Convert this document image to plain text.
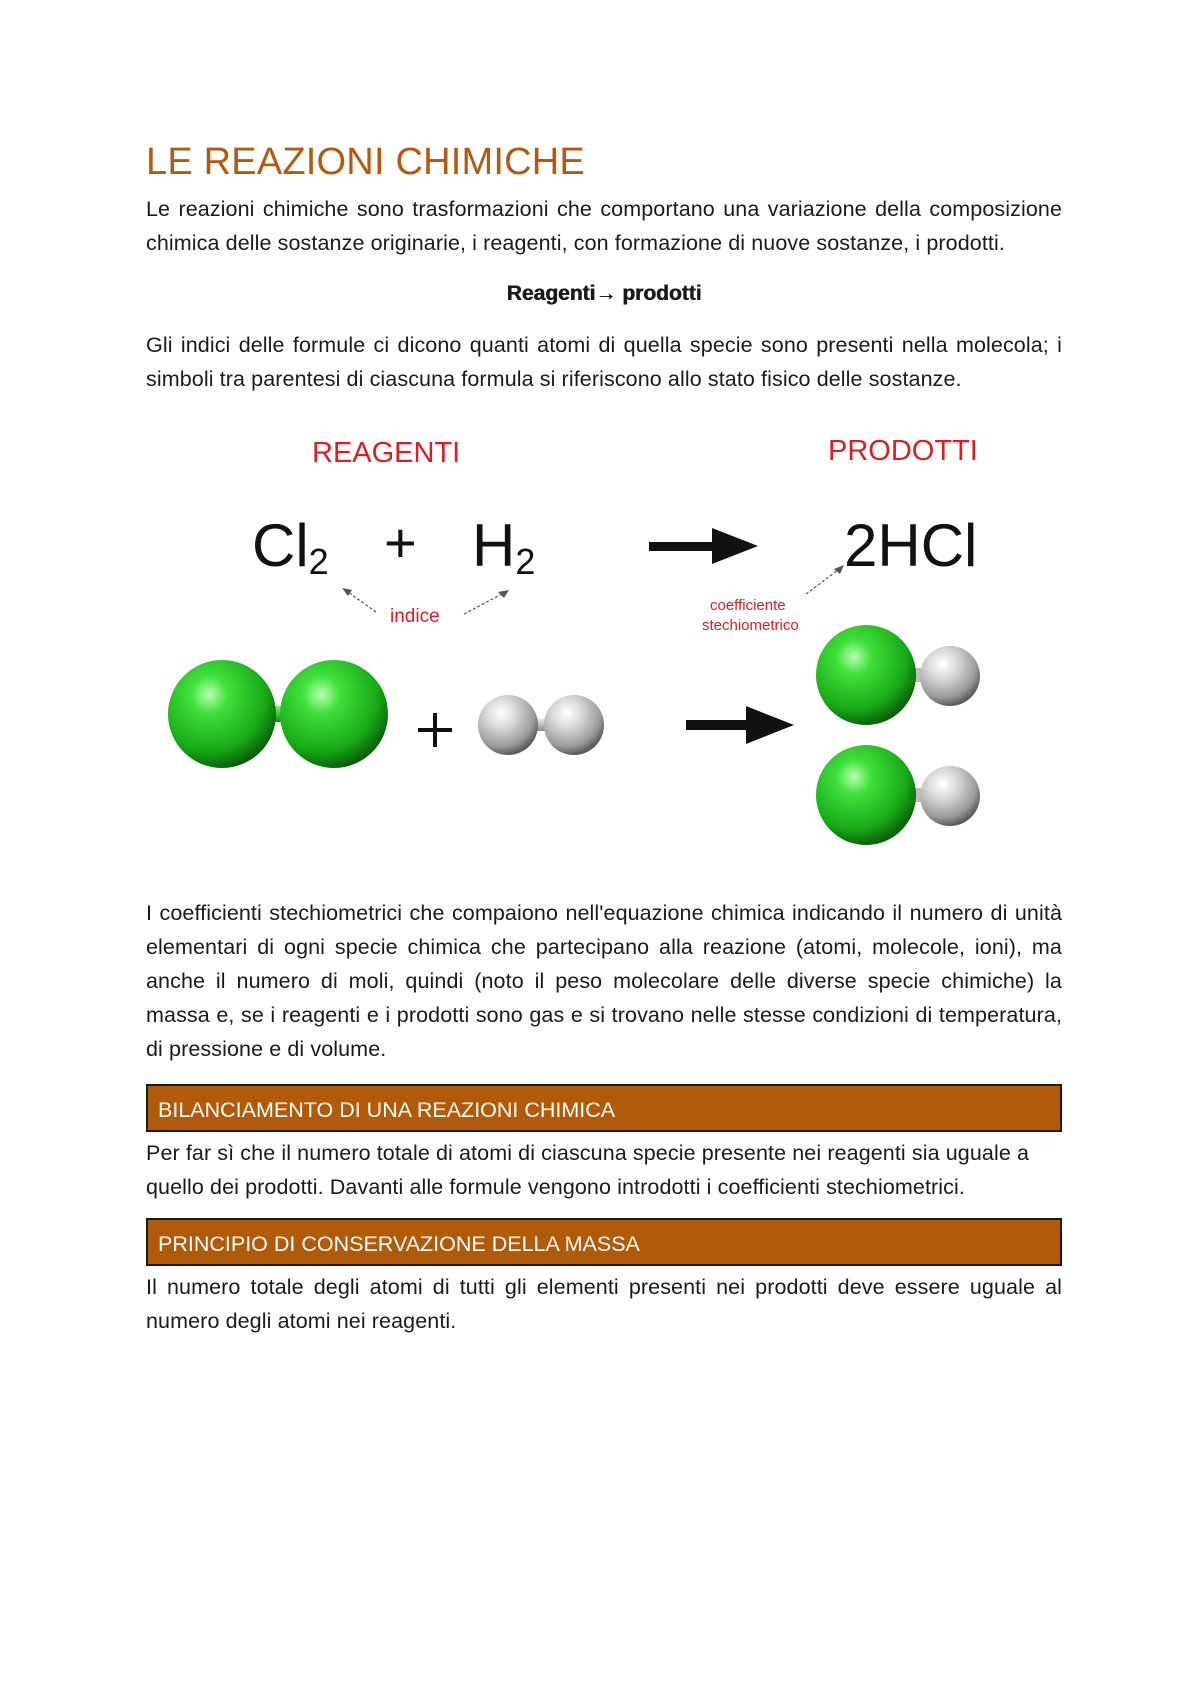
LE REAZIONI CHIMICHE

Le reazioni chimiche sono trasformazioni che comportano una variazione della composizione chimica delle sostanze originarie, i reagenti, con formazione di nuove sostanze, i prodotti.

Reagenti→ prodotti

Gli indici delle formule ci dicono quanti atomi di quella specie sono presenti nella molecola; i simboli tra parentesi di ciascuna formula si riferiscono allo stato fisico delle sostanze.

REAGENTI	PRODOTTI
Cl2 + H2	2HCl
indice
coefficiente
stechiometrico

I coefficienti stechiometrici che compaiono nell'equazione chimica indicando il numero di unità elementari di ogni specie chimica che partecipano alla reazione (atomi, molecole, ioni), ma anche il numero di moli, quindi (noto il peso molecolare delle diverse specie chimiche) la massa e, se i reagenti e i prodotti sono gas e si trovano nelle stesse condizioni di temperatura, di pressione e di volume.

BILANCIAMENTO DI UNA REAZIONI CHIMICA

Per far sì che il numero totale di atomi di ciascuna specie presente nei reagenti sia uguale a quello dei prodotti. Davanti alle formule vengono introdotti i coefficienti stechiometrici.

PRINCIPIO DI CONSERVAZIONE DELLA MASSA

Il numero totale degli atomi di tutti gli elementi presenti nei prodotti deve essere uguale al numero degli atomi nei reagenti.
